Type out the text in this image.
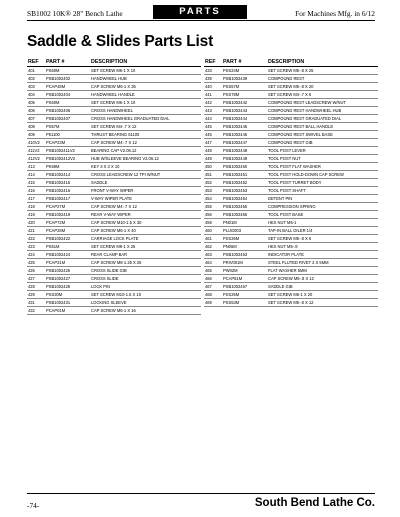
SB1002 10K® 28" Bench Lathe	PARTS	For Machines Mfg. in 6/12
Saddle & Slides Parts List
REF	PART #	DESCRIPTION
401	PS60M	SET SCREW M6-1 X 10
402	PSB1002402	HANDWHEEL HUB
403	PCAP48M	CAP SCREW M6-1 X 35
404	PSB1002404	HANDWHEEL HANDLE
405	PS60M	SET SCREW M6-1 X 10
406	PSB1002406	CROSS HANDWHEEL
407	PSB1002407	CROSS HANDWHEEL GRADUATED DIAL
408	PS57M	SET SCREW M4-.7 X 12
409	P51100	THRUST BEARING 51100
410V2	PCAP23M	CAP SCREW M4-.7 X 12
411V2	PSB1002411V2	BEARING CAP V2.06.12
412V2	PSB1002412V2	HUB W/SLEEVE BEARING V2.06.12
413	PK59M	KEY 3 X 3 X 10
414	PSB1002414	CROSS LEADSCREW 12 TPI W/NUT
415	PSB1002415	SADDLE
416	PSB1002416	FRONT V-WAY WIPER
417	PSB1002417	V-WAY WIPER PLATE
418	PCAP27M	CAP SCREW M4-.7 X 12
419	PSB1002419	REAR V-WAY WIPER
420	PCAP72M	CAP SCREW M10-1.5 X 30
421	PCAP28M	CAP SCREW M6-1 X 40
422	PSB1002422	CARRIAGE LOCK PLATE
423	PS61M	SET SCREW M8-1 X 25
424	PSB1002424	REAR CLAMP BAR
425	PCAP31M	CAP SCREW M8-1.25 X 25
426	PSB1002426	CROSS SLIDE GIB
427	PSB1002427	CROSS SLIDE
428	PSB1002428	LOCK PIN
429	PSS30M	SET SCREW M10-1.5 X 10
431	PSB1002431	LOCKING SLEEVE
432	PCAP01M	CAP SCREW M6-1 X 16
REF	PART #	DESCRIPTION
433	PSS24M	SET SCREW M5-.8 X 25
439	PSB1002439	COMPOUND REST
440	PSS57M	SET SCREW M5-.8 X 20
441	PSS78M	SET SCREW M4-.7 X 6
442	PSB1002442	COMPOUND REST LEADSCREW W/NUT
443	PSB1002443	COMPOUND REST HANDWHEEL HUB
444	PSB1002444	COMPOUND REST GRADUATED DIAL
445	PSB1002445	COMPOUND REST BALL HANDLE
446	PSB1002446	COMPOUND REST SWIVEL BASE
447	PSB1002447	COMPOUND REST GIB
448	PSB1002448	TOOL POST LEVER
449	PSB1002449	TOOL POST NUT
450	PSB1002450	TOOL POST FLAT WASHER
451	PSB1002451	TOOL POST HOLD-DOWN CAP SCREW
452	PSB1002452	TOOL POST TURRET BODY
453	PSB1002453	TOOL POST SHAFT
454	PSB1002454	DETENT PIN
455	PSB1002455	COMPRESSION SPRING
456	PSB1002456	TOOL POST BASE
459	PN01M	HEX NUT M6-1
460	PLUG003	TAP-IN BALL OILER 1/4
461	PSS26M	SET SCREW M5-.8 X 6
462	PN06M	HEX NUT M5-.8
463	PSB1002463	INDICATOR PLATE
464	PRIV001M	STEEL FLUTED RIVET 2 X 5MM
465	PW02M	FLAT WASHER 5MM
466	PCAP51M	CAP SCREW M5-.8 X 12
467	PSB1002467	SADDLE GIB
468	PSS25M	SET SCREW M6-1 X 20
469	PSS53M	SET SCREW M5-.8 X 12
-74-	South Bend Lathe Co.
